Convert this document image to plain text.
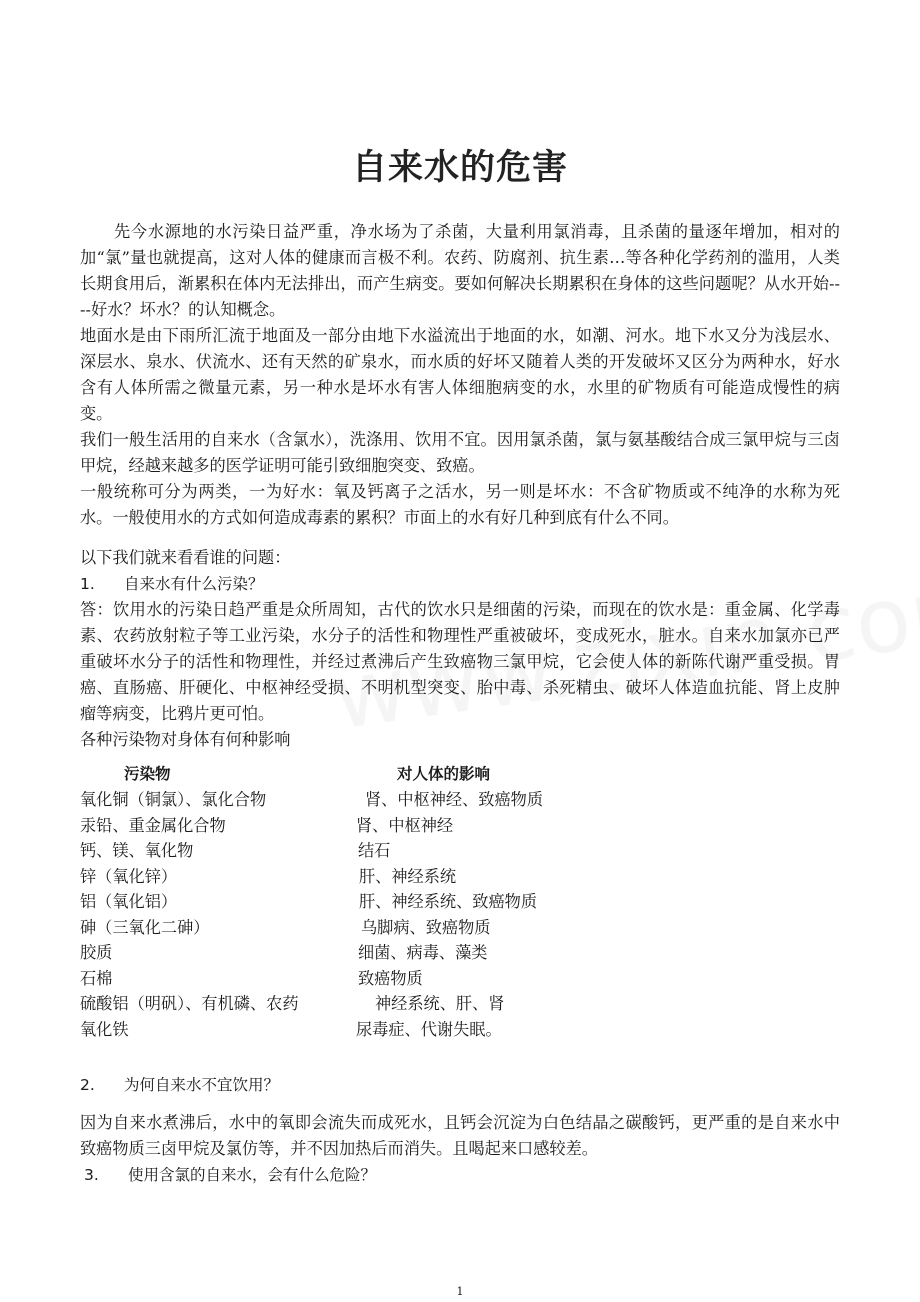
自来水的危害

先今水源地的水污染日益严重，净水场为了杀菌，大量利用氯消毒，且杀菌的量逐年增加，相对的加“氯”量也就提高，这对人体的健康而言极不利。农药、防腐剂、抗生素…等各种化学药剂的滥用，人类长期食用后，渐累积在体内无法排出，而产生病变。要如何解决长期累积在身体的这些问题呢？从水开始----好水？坏水？的认知概念。

地面水是由下雨所汇流于地面及一部分由地下水溢流出于地面的水，如潮、河水。地下水又分为浅层水、深层水、泉水、伏流水、还有天然的矿泉水，而水质的好坏又随着人类的开发破坏又区分为两种水，好水含有人体所需之微量元素，另一种水是坏水有害人体细胞病变的水，水里的矿物质有可能造成慢性的病变。

我们一般生活用的自来水（含氯水），洗涤用、饮用不宜。因用氯杀菌，氯与氨基酸结合成三氯甲烷与三卤甲烷，经越来越多的医学证明可能引致细胞突变、致癌。

一般统称可分为两类，一为好水：氧及钙离子之活水，另一则是坏水：不含矿物质或不纯净的水称为死水。一般使用水的方式如何造成毒素的累积？市面上的水有好几种到底有什么不同。

以下我们就来看看谁的问题：

1. 自来水有什么污染？

答：饮用水的污染日趋严重是众所周知，古代的饮水只是细菌的污染，而现在的饮水是：重金属、化学毒素、农药放射粒子等工业污染，水分子的活性和物理性严重被破坏，变成死水，脏水。自来水加氯亦已严重破坏水分子的活性和物理性，并经过煮沸后产生致癌物三氯甲烷，它会使人体的新陈代谢严重受损。胃癌、直肠癌、肝硬化、中枢神经受损、不明机型突变、胎中毒、杀死精虫、破坏人体造血抗能、肾上皮肿瘤等病变，比鸦片更可怕。

各种污染物对身体有何种影响

污染物	对人体的影响
氧化铜（铜氯）、氯化合物	肾、中枢神经、致癌物质
汞铅、重金属化合物	肾、中枢神经
钙、镁、氧化物	结石
锌（氧化锌）	肝、神经系统
铝（氧化铝）	肝、神经系统、致癌物质
砷（三氧化二砷）	乌脚病、致癌物质
胶质	细菌、病毒、藻类
石棉	致癌物质
硫酸铝（明矾）、有机磷、农药	神经系统、肝、肾
氧化铁	尿毒症、代谢失眠。

2. 为何自来水不宜饮用？

因为自来水煮沸后，水中的氧即会流失而成死水，且钙会沉淀为白色结晶之碳酸钙，更严重的是自来水中致癌物质三卤甲烷及氯仿等，并不因加热后而消失。且喝起来口感较差。

3. 使用含氯的自来水，会有什么危险？

1
